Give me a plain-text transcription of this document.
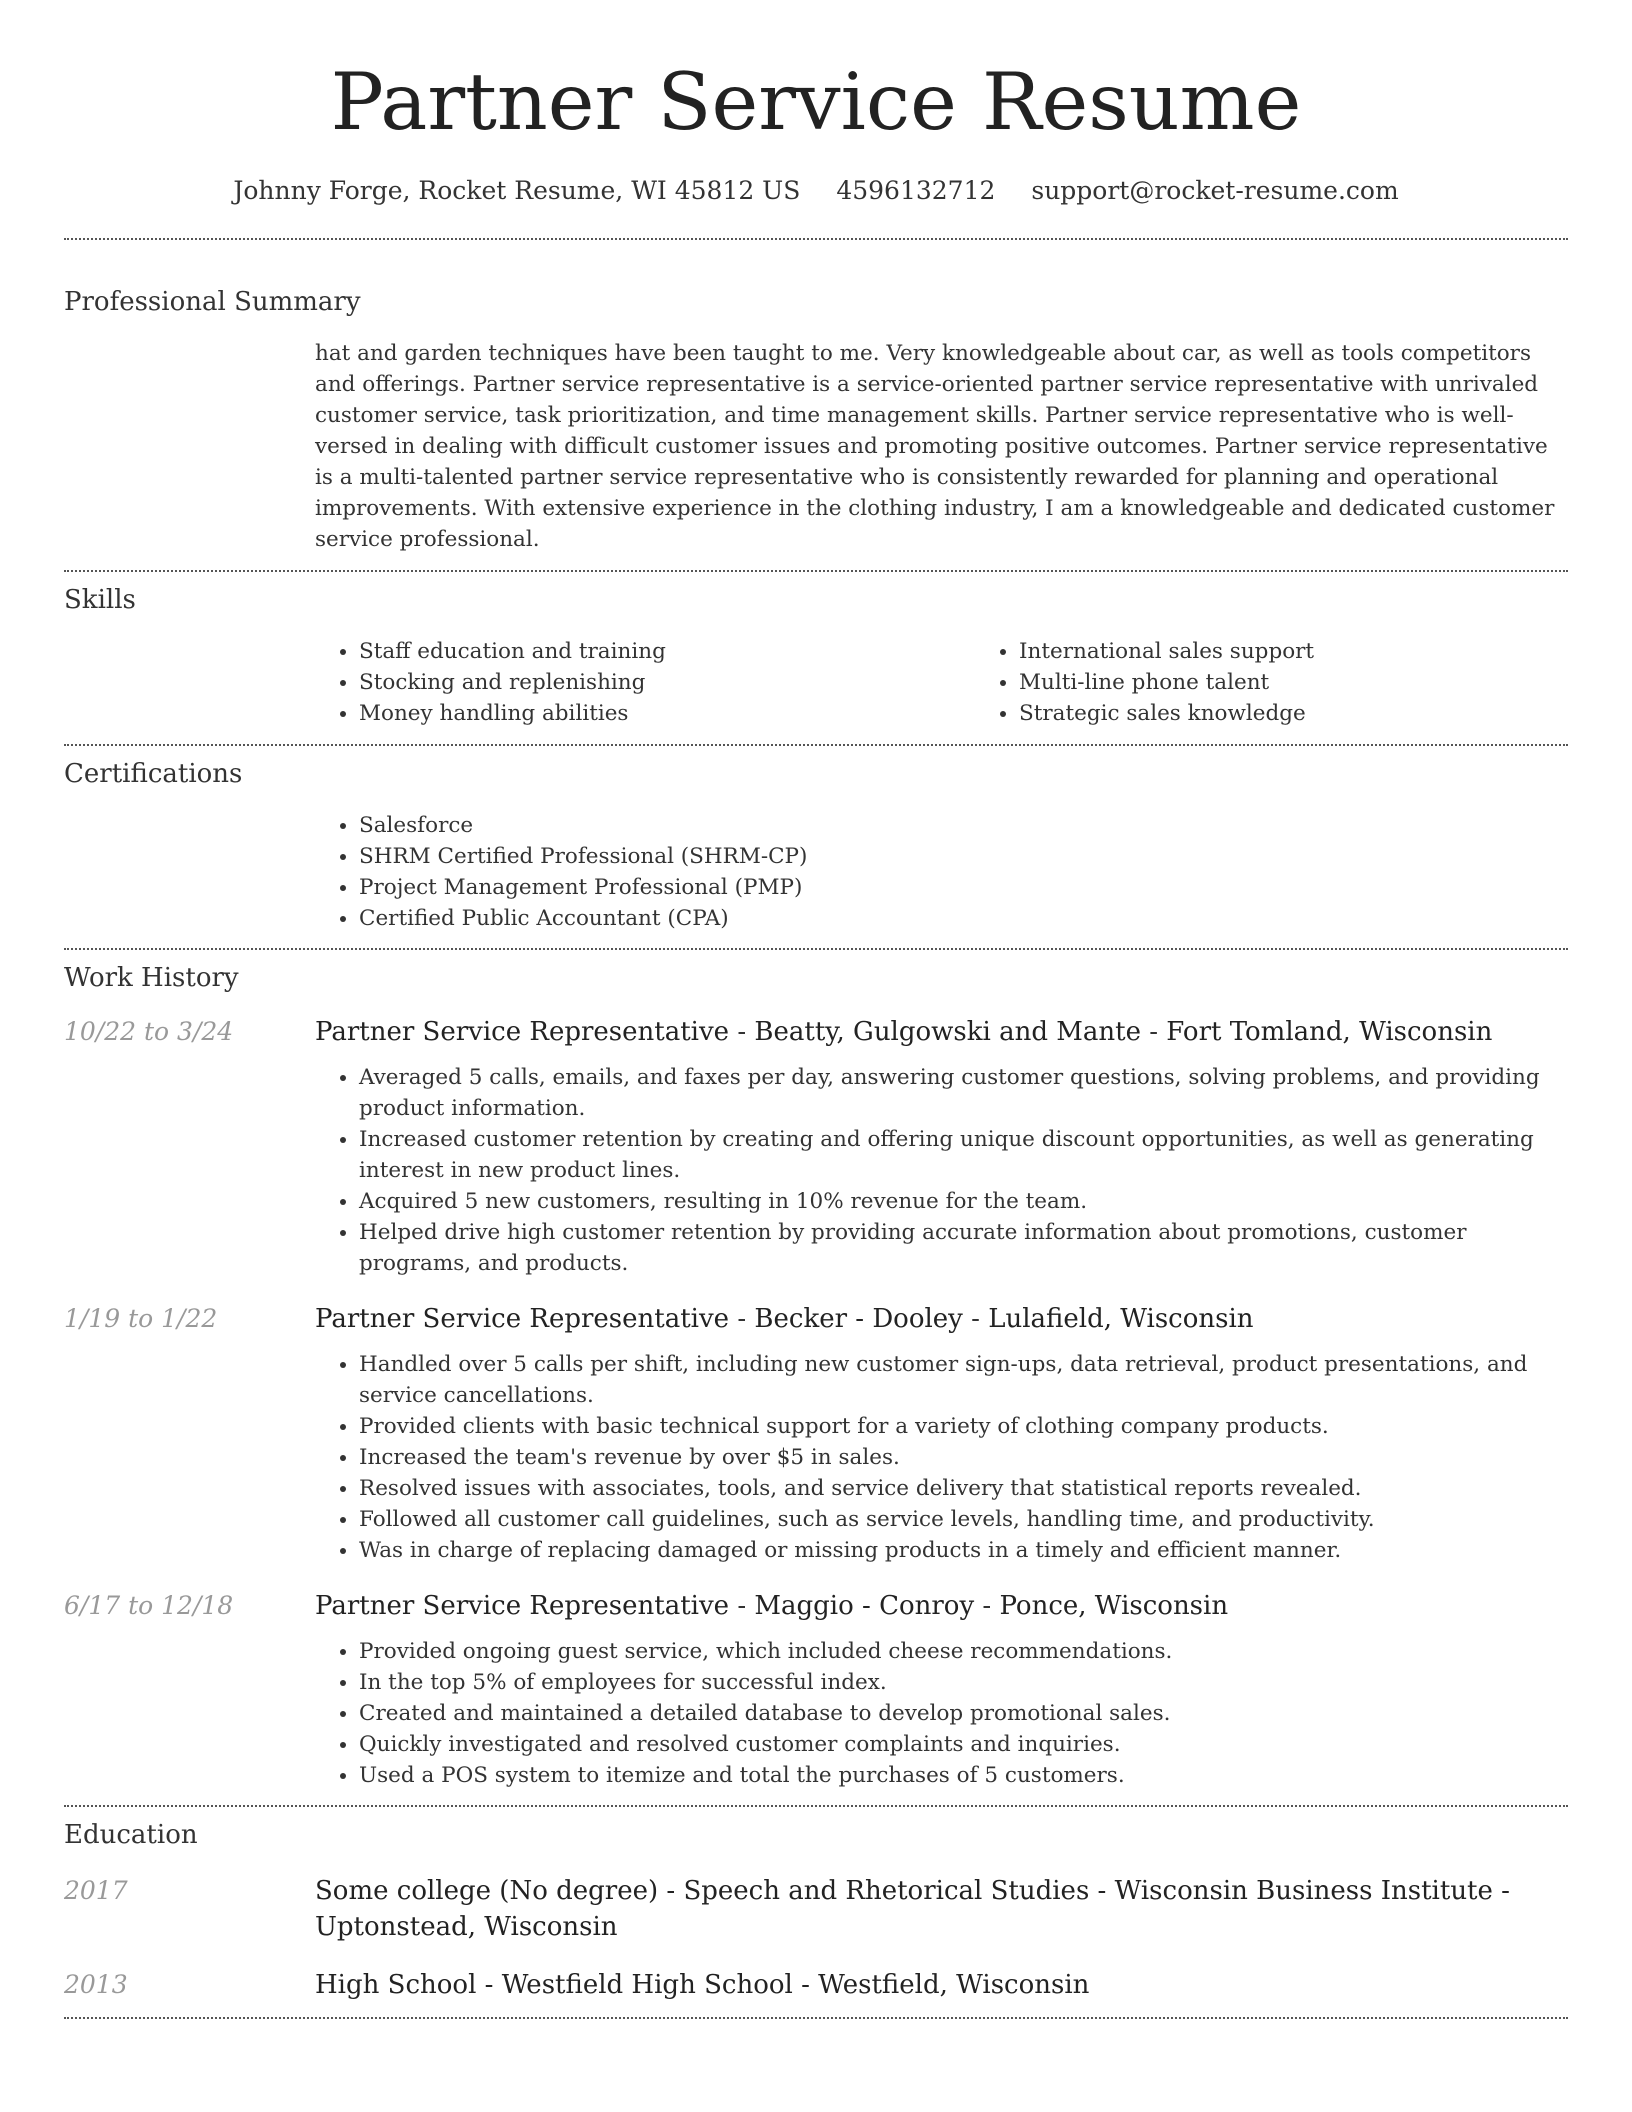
Partner Service Resume
Johnny Forge, Rocket Resume, WI 45812 US 4596132712 support@rocket-resume.com
Professional Summary
hat and garden techniques have been taught to me. Very knowledgeable about car, as well as tools competitors and offerings. Partner service representative is a service-oriented partner service representative with unrivaled customer service, task prioritization, and time management skills. Partner service representative who is well-versed in dealing with difficult customer issues and promoting positive outcomes. Partner service representative is a multi-talented partner service representative who is consistently rewarded for planning and operational improvements. With extensive experience in the clothing industry, I am a knowledgeable and dedicated customer service professional.
Skills
• Staff education and training
• Stocking and replenishing
• Money handling abilities
• International sales support
• Multi-line phone talent
• Strategic sales knowledge
Certifications
• Salesforce
• SHRM Certified Professional (SHRM-CP)
• Project Management Professional (PMP)
• Certified Public Accountant (CPA)
Work History
10/22 to 3/24	Partner Service Representative - Beatty, Gulgowski and Mante - Fort Tomland, Wisconsin
• Averaged 5 calls, emails, and faxes per day, answering customer questions, solving problems, and providing product information.
• Increased customer retention by creating and offering unique discount opportunities, as well as generating interest in new product lines.
• Acquired 5 new customers, resulting in 10% revenue for the team.
• Helped drive high customer retention by providing accurate information about promotions, customer programs, and products.
1/19 to 1/22	Partner Service Representative - Becker - Dooley - Lulafield, Wisconsin
• Handled over 5 calls per shift, including new customer sign-ups, data retrieval, product presentations, and service cancellations.
• Provided clients with basic technical support for a variety of clothing company products.
• Increased the team's revenue by over $5 in sales.
• Resolved issues with associates, tools, and service delivery that statistical reports revealed.
• Followed all customer call guidelines, such as service levels, handling time, and productivity.
• Was in charge of replacing damaged or missing products in a timely and efficient manner.
6/17 to 12/18	Partner Service Representative - Maggio - Conroy - Ponce, Wisconsin
• Provided ongoing guest service, which included cheese recommendations.
• In the top 5% of employees for successful index.
• Created and maintained a detailed database to develop promotional sales.
• Quickly investigated and resolved customer complaints and inquiries.
• Used a POS system to itemize and total the purchases of 5 customers.
Education
2017	Some college (No degree) - Speech and Rhetorical Studies - Wisconsin Business Institute - Uptonstead, Wisconsin
2013	High School - Westfield High School - Westfield, Wisconsin
